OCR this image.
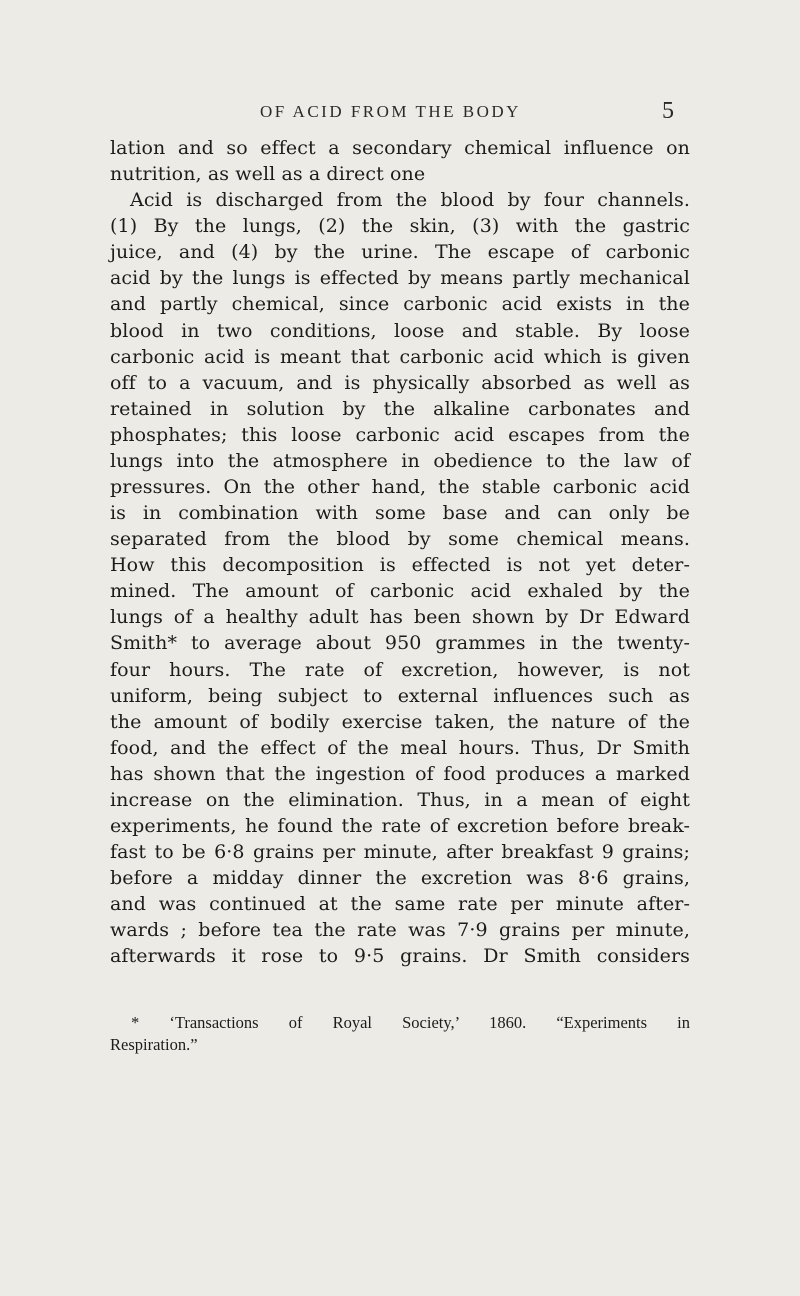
OF ACID FROM THE BODY	5
lation and so effect a secondary chemical influence on
nutrition, as well as a direct one
Acid is discharged from the blood by four channels.
(1) By the lungs, (2) the skin, (3) with the gastric
juice, and (4) by the urine. The escape of carbonic
acid by the lungs is effected by means partly mechanical
and partly chemical, since carbonic acid exists in the
blood in two conditions, loose and stable. By loose
carbonic acid is meant that carbonic acid which is given
off to a vacuum, and is physically absorbed as well as
retained in solution by the alkaline carbonates and
phosphates; this loose carbonic acid escapes from the
lungs into the atmosphere in obedience to the law of
pressures. On the other hand, the stable carbonic acid
is in combination with some base and can only be
separated from the blood by some chemical means.
How this decomposition is effected is not yet deter-
mined. The amount of carbonic acid exhaled by the
lungs of a healthy adult has been shown by Dr Edward
Smith* to average about 950 grammes in the twenty-
four hours. The rate of excretion, however, is not
uniform, being subject to external influences such as
the amount of bodily exercise taken, the nature of the
food, and the effect of the meal hours. Thus, Dr Smith
has shown that the ingestion of food produces a marked
increase on the elimination. Thus, in a mean of eight
experiments, he found the rate of excretion before break-
fast to be 6·8 grains per minute, after breakfast 9 grains;
before a midday dinner the excretion was 8·6 grains,
and was continued at the same rate per minute after-
wards ; before tea the rate was 7·9 grains per minute,
afterwards it rose to 9·5 grains. Dr Smith considers
* ‘Transactions of Royal Society,’ 1860. “Experiments in
Respiration.”
